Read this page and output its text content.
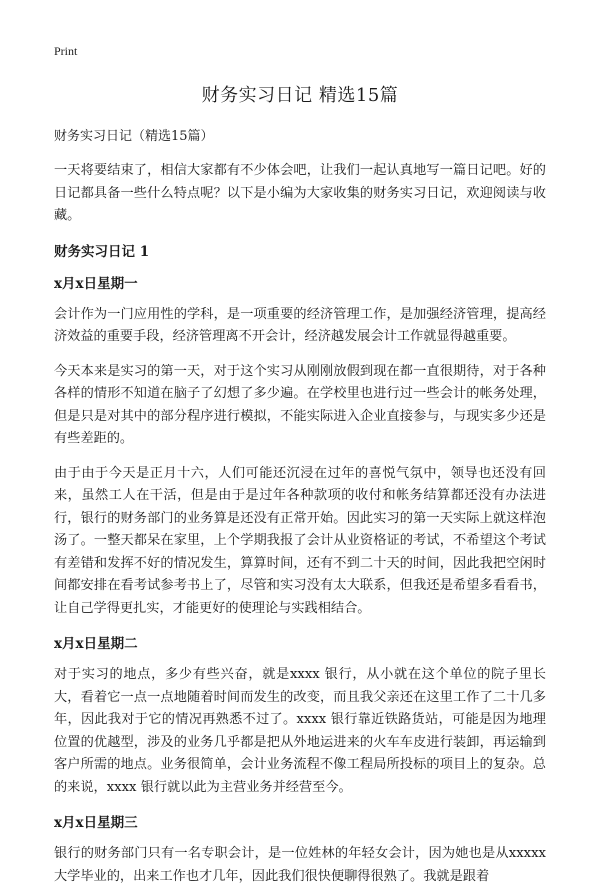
Print
财务实习日记 精选15篇

财务实习日记（精选15篇）

一天将要结束了，相信大家都有不少体会吧，让我们一起认真地写一篇日记吧。好的日记都具备一些什么特点呢？以下是小编为大家收集的财务实习日记，欢迎阅读与收藏。

财务实习日记 1
x月x日星期一

会计作为一门应用性的学科，是一项重要的经济管理工作，是加强经济管理，提高经济效益的重要手段，经济管理离不开会计，经济越发展会计工作就显得越重要。

今天本来是实习的第一天，对于这个实习从刚刚放假到现在都一直很期待，对于各种各样的情形不知道在脑子了幻想了多少遍。在学校里也进行过一些会计的帐务处理，但是只是对其中的部分程序进行模拟，不能实际进入企业直接参与，与现实多少还是有些差距的。

由于由于今天是正月十六，人们可能还沉浸在过年的喜悦气氛中，领导也还没有回来，虽然工人在干活，但是由于是过年各种款项的收付和帐务结算都还没有办法进行，银行的财务部门的业务算是还没有正常开始。因此实习的第一天实际上就这样泡汤了。一整天都呆在家里，上个学期我报了会计从业资格证的考试，不希望这个考试有差错和发挥不好的情况发生，算算时间，还有不到二十天的时间，因此我把空闲时间都安排在看考试参考书上了，尽管和实习没有太大联系，但我还是希望多看看书，让自己学得更扎实，才能更好的使理论与实践相结合。

x月x日星期二

对于实习的地点，多少有些兴奋，就是xxxx 银行，从小就在这个单位的院子里长大，看着它一点一点地随着时间而发生的改变，而且我父亲还在这里工作了二十几多年，因此我对于它的情况再熟悉不过了。xxxx 银行靠近铁路货站，可能是因为地理位置的优越型，涉及的业务几乎都是把从外地运进来的火车车皮进行装卸，再运输到客户所需的地点。业务很简单，会计业务流程不像工程局所投标的项目上的复杂。总的来说，xxxx 银行就以此为主营业务并经营至今。

x月x日星期三

银行的财务部门只有一名专职会计，是一位姓林的年轻女会计，因为她也是从xxxxx 大学毕业的，出来工作也才几年，因此我们很快便聊得很熟了。我就是跟着
